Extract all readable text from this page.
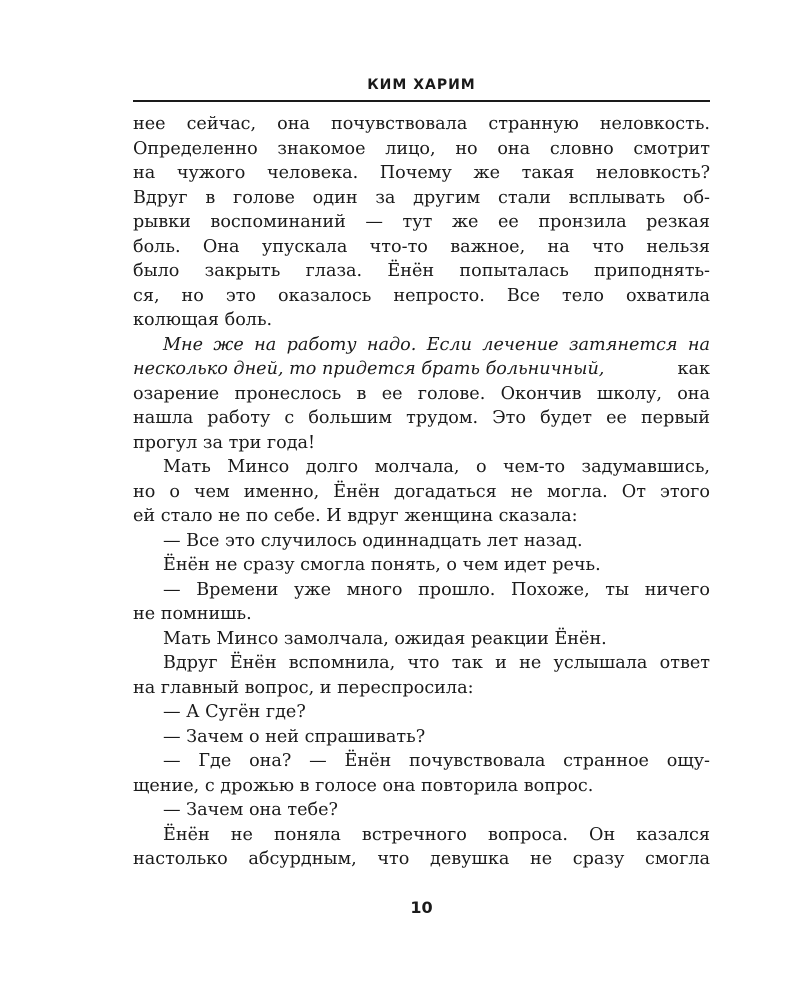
КИМ ХАРИМ
нее сейчас, она почувствовала странную неловкость.
Определенно знакомое лицо, но она словно смотрит
на чужого человека. Почему же такая неловкость?
Вдруг в голове один за другим стали всплывать об-
рывки воспоминаний — тут же ее пронзила резкая
боль. Она упускала что-то важное, на что нельзя
было закрыть глаза. Ёнён попыталась приподнять-
ся, но это оказалось непросто. Все тело охватила
колющая боль.
Мне же на работу надо. Если лечение затянется на
несколько дней, то придется брать больничный,	как
озарение пронеслось в ее голове. Окончив школу, она
нашла работу с большим трудом. Это будет ее первый
прогул за три года!
Мать Минсо долго молчала, о чем-то задумавшись,
но о чем именно, Ёнён догадаться не могла. От этого
ей стало не по себе. И вдруг женщина сказала:
— Все это случилось одиннадцать лет назад.
Ёнён не сразу смогла понять, о чем идет речь.
— Времени уже много прошло. Похоже, ты ничего
не помнишь.
Мать Минсо замолчала, ожидая реакции Ёнён.
Вдруг Ёнён вспомнила, что так и не услышала ответ
на главный вопрос, и переспросила:
— А Сугён где?
— Зачем о ней спрашивать?
— Где она? — Ёнён почувствовала странное ощу-
щение, с дрожью в голосе она повторила вопрос.
— Зачем она тебе?
Ёнён не поняла встречного вопроса. Он казался
настолько абсурдным, что девушка не сразу смогла
10
